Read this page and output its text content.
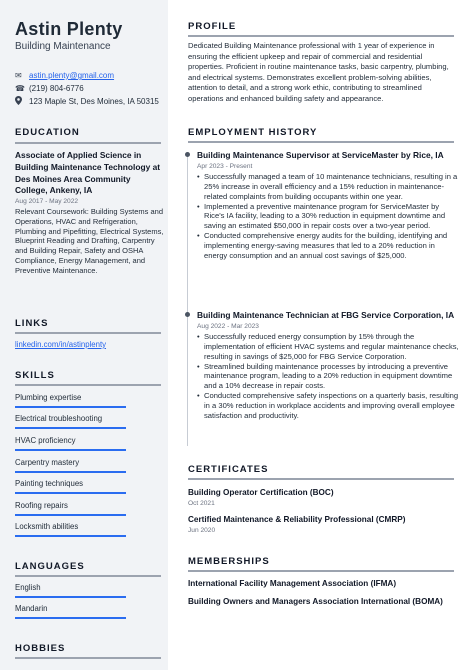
Astin Plenty
Building Maintenance
✉ astin.plenty@gmail.com
☎ (219) 804-6776
123 Maple St, Des Moines, IA 50315
EDUCATION
Associate of Applied Science in Building Maintenance Technology at Des Moines Area Community College, Ankeny, IA
Aug 2017 - May 2022
Relevant Coursework: Building Systems and Operations, HVAC and Refrigeration, Plumbing and Pipefitting, Electrical Systems, Blueprint Reading and Drafting, Carpentry and Building Repair, Safety and OSHA Compliance, Energy Management, and Preventive Maintenance.
LINKS
linkedin.com/in/astinplenty
SKILLS
Plumbing expertise
Electrical troubleshooting
HVAC proficiency
Carpentry mastery
Painting techniques
Roofing repairs
Locksmith abilities
LANGUAGES
English
Mandarin
HOBBIES
PROFILE
Dedicated Building Maintenance professional with 1 year of experience in ensuring the efficient upkeep and repair of commercial and residential properties. Proficient in routine maintenance tasks, basic carpentry, plumbing, and electrical systems. Demonstrates excellent problem-solving abilities, attention to detail, and a strong work ethic, contributing to streamlined operations and enhanced building safety and appearance.
EMPLOYMENT HISTORY
Building Maintenance Supervisor at ServiceMaster by Rice, IA
Apr 2023 - Present
• Successfully managed a team of 10 maintenance technicians, resulting in a 25% increase in overall efficiency and a 15% reduction in maintenance-related complaints from building occupants within one year.
• Implemented a preventive maintenance program for ServiceMaster by Rice's IA facility, leading to a 30% reduction in equipment downtime and saving an estimated $50,000 in repair costs over a two-year period.
• Conducted comprehensive energy audits for the building, identifying and implementing energy-saving measures that led to a 20% reduction in energy consumption and an annual cost savings of $25,000.
Building Maintenance Technician at FBG Service Corporation, IA
Aug 2022 - Mar 2023
• Successfully reduced energy consumption by 15% through the implementation of efficient HVAC systems and regular maintenance checks, resulting in savings of $25,000 for FBG Service Corporation.
• Streamlined building maintenance processes by introducing a preventive maintenance program, leading to a 20% reduction in equipment downtime and a 10% decrease in repair costs.
• Conducted comprehensive safety inspections on a quarterly basis, resulting in a 30% reduction in workplace accidents and improving overall employee satisfaction and productivity.
CERTIFICATES
Building Operator Certification (BOC)
Oct 2021
Certified Maintenance & Reliability Professional (CMRP)
Jun 2020
MEMBERSHIPS
International Facility Management Association (IFMA)
Building Owners and Managers Association International (BOMA)
